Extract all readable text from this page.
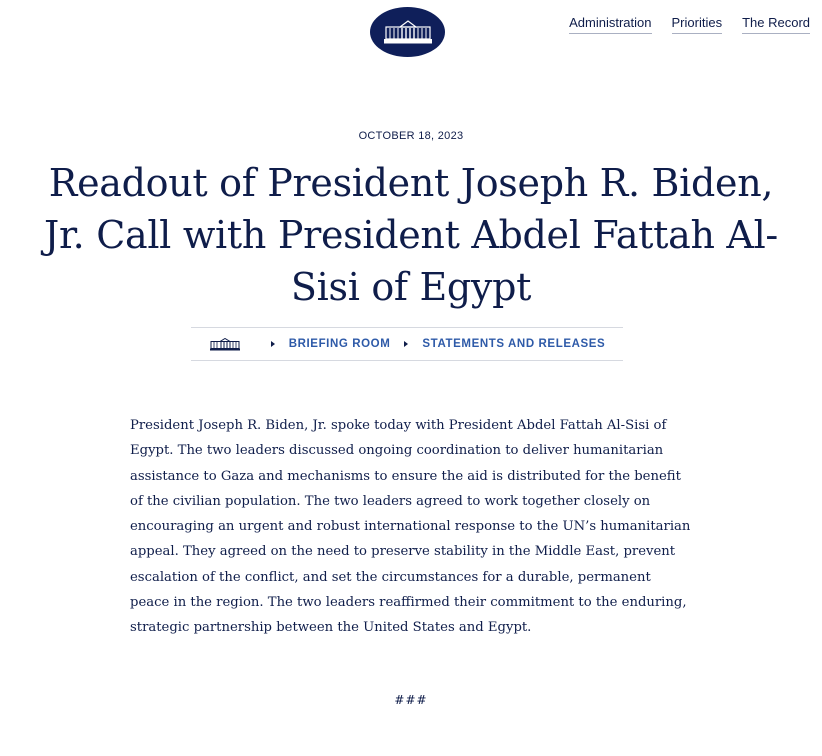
Administration Priorities The Record
OCTOBER 18, 2023
Readout of President Joseph R. Biden, Jr. Call with President Abdel Fattah Al-Sisi of Egypt
BRIEFING ROOM	STATEMENTS AND RELEASES

President Joseph R. Biden, Jr. spoke today with President Abdel Fattah Al-Sisi of Egypt. The two leaders discussed ongoing coordination to deliver humanitarian assistance to Gaza and mechanisms to ensure the aid is distributed for the benefit of the civilian population. The two leaders agreed to work together closely on encouraging an urgent and robust international response to the UN’s humanitarian appeal. They agreed on the need to preserve stability in the Middle East, prevent escalation of the conflict, and set the circumstances for a durable, permanent peace in the region. The two leaders reaffirmed their commitment to the enduring, strategic partnership between the United States and Egypt.

###
